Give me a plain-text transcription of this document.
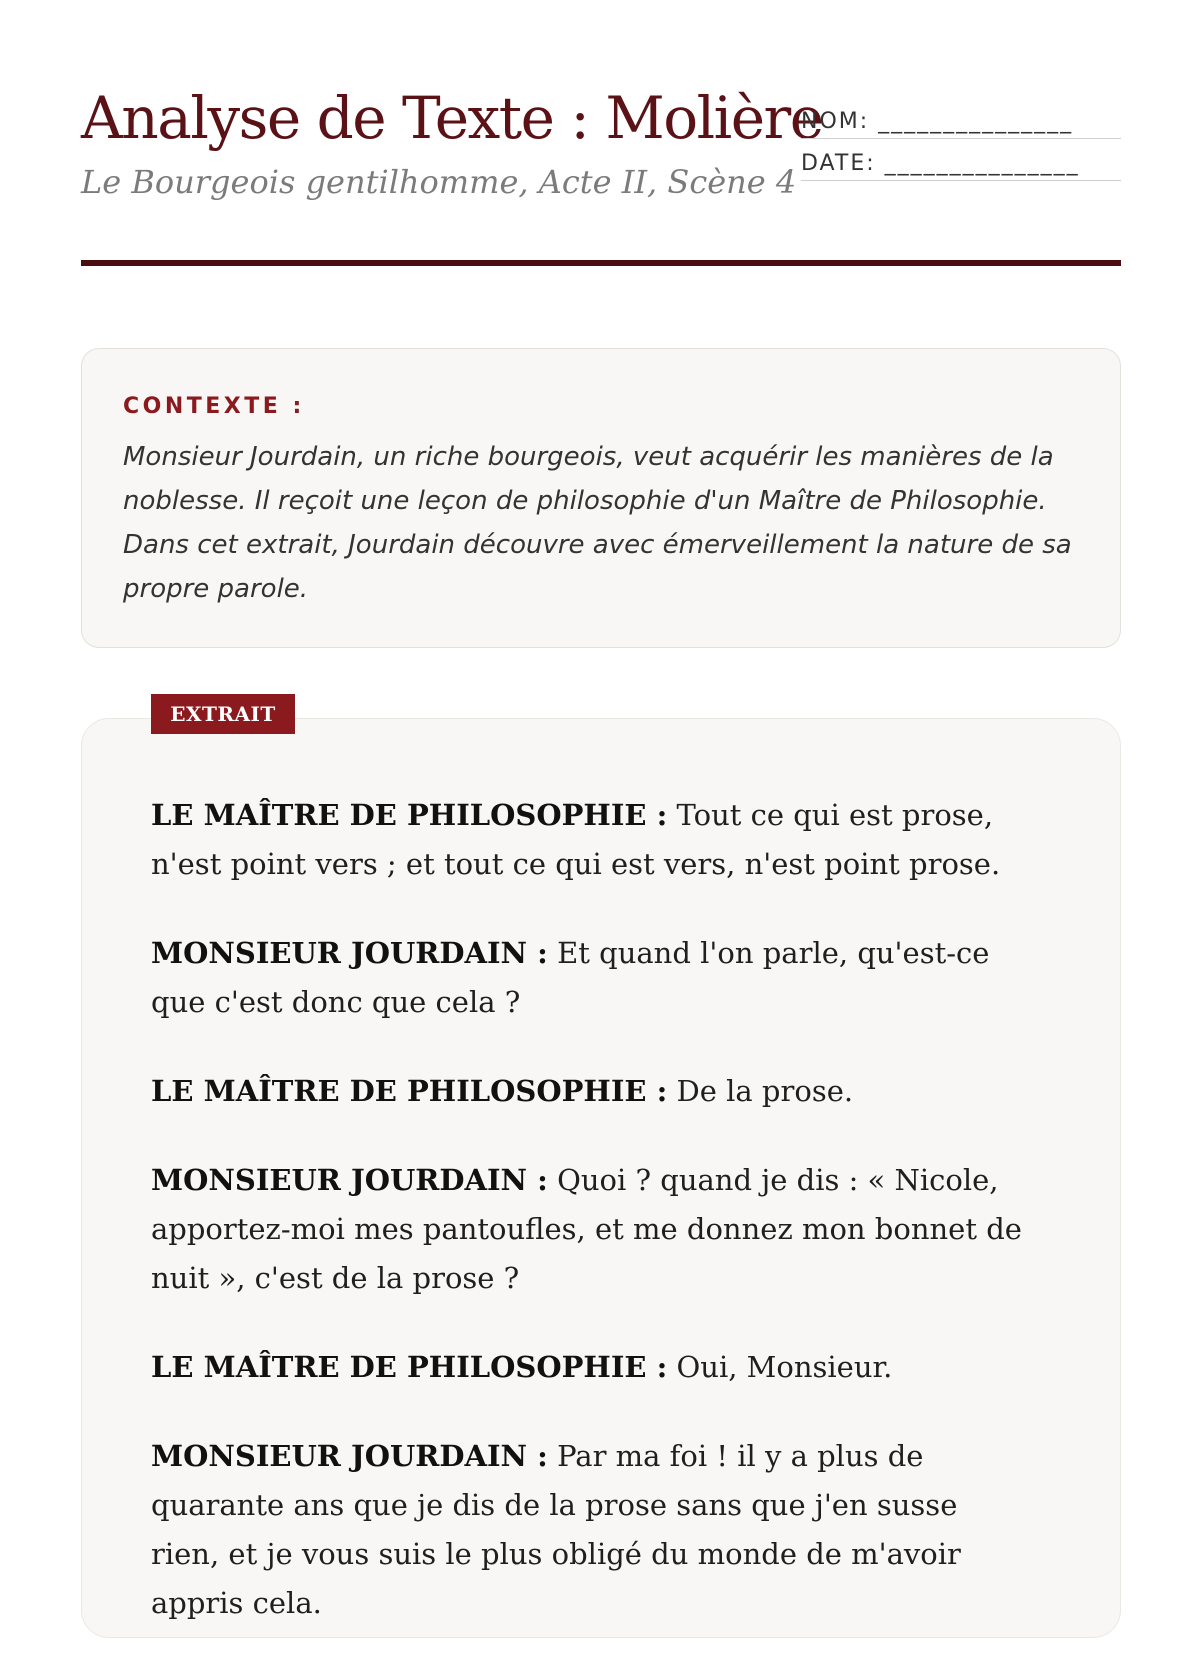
Analyse de Texte : Molière

Le Bourgeois gentilhomme, Acte II, Scène 4

NOM: _______________
DATE: _______________
CONTEXTE :

Monsieur Jourdain, un riche bourgeois, veut acquérir les manières de la noblesse. Il reçoit une leçon de philosophie d'un Maître de Philosophie. Dans cet extrait, Jourdain découvre avec émerveillement la nature de sa propre parole.

LE MAÎTRE DE PHILOSOPHIE : Tout ce qui est prose, n'est point vers ; et tout ce qui est vers, n'est point prose.

MONSIEUR JOURDAIN : Et quand l'on parle, qu'est-ce que c'est donc que cela ?

LE MAÎTRE DE PHILOSOPHIE : De la prose.

MONSIEUR JOURDAIN : Quoi ? quand je dis : « Nicole, apportez-moi mes pantoufles, et me donnez mon bonnet de nuit », c'est de la prose ?

LE MAÎTRE DE PHILOSOPHIE : Oui, Monsieur.

MONSIEUR JOURDAIN : Par ma foi ! il y a plus de quarante ans que je dis de la prose sans que j'en susse rien, et je vous suis le plus obligé du monde de m'avoir appris cela.

EXTRAIT
